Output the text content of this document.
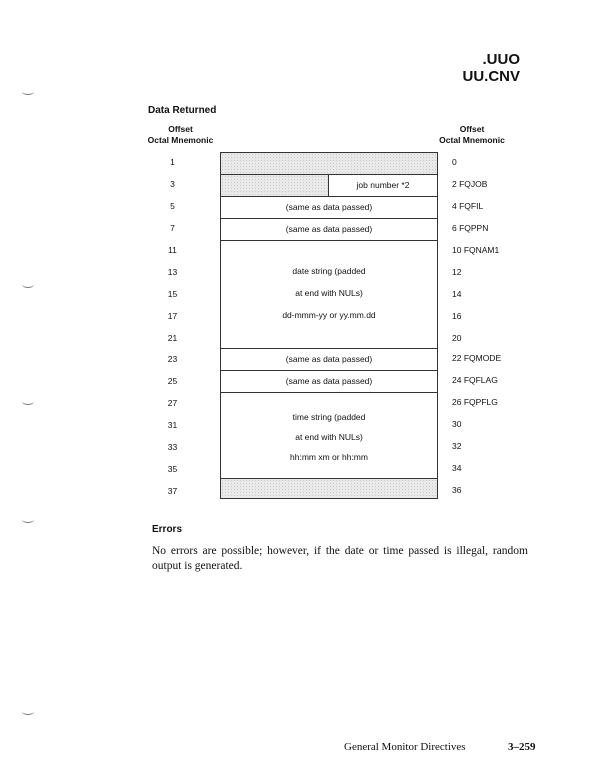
.UUO
UU.CNV
Data Returned
Offset
Octal Mnemonic
Offset
Octal Mnemonic
1
3
5
7
11
13
15
17
21
23
25
27
31
33
35
37
0
2 FQJOB
4 FQFIL
6 FQPPN
10 FQNAM1
12
14
16
20
22 FQMODE
24 FQFLAG
26 FQPFLG
30
32
34
36
job number *2
(same as data passed)
(same as data passed)
date string (padded
at end with NULs)
dd-mmm-yy or yy.mm.dd
(same as data passed)
(same as data passed)
time string (padded
at end with NULs)
hh:mm xm or hh:mm
Errors
No errors are possible; however, if the date or time passed is illegal, random output is generated.
General Monitor Directives	3–259
